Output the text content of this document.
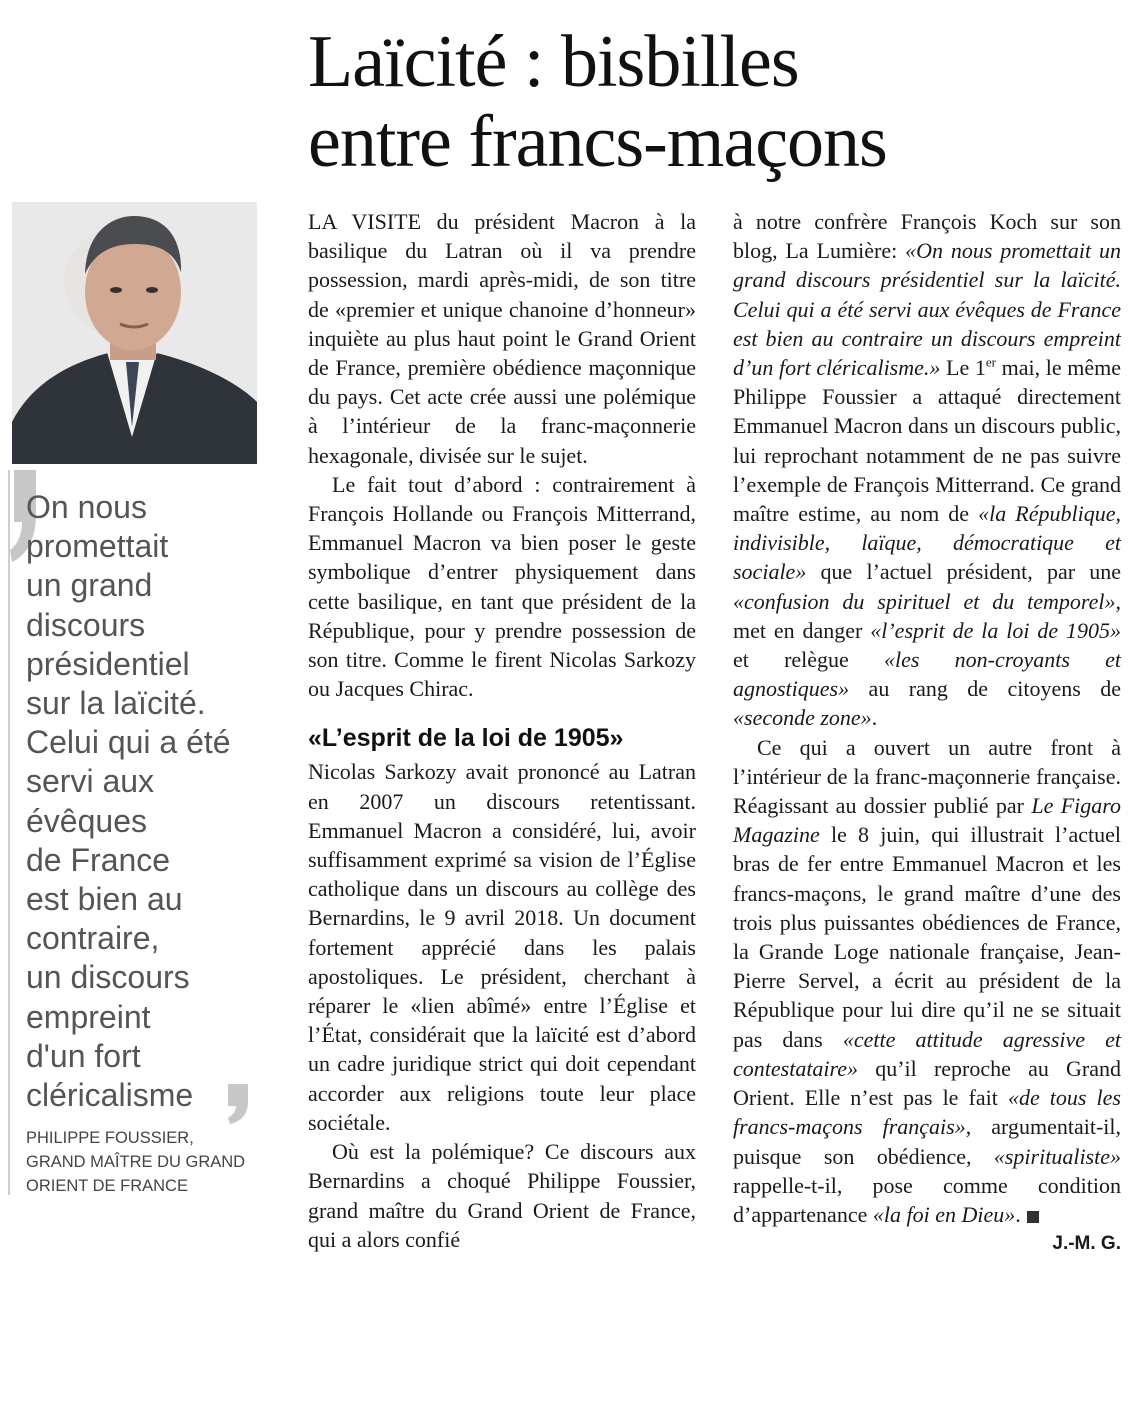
Laïcité : bisbilles
entre francs-maçons
On nous
promettait
un grand
discours
présidentiel
sur la laïcité.
Celui qui a été
servi aux
évêques
de France
est bien au
contraire,
un discours
empreint
d'un fort
cléricalisme
PHILIPPE FOUSSIER,
GRAND MAÎTRE DU GRAND
ORIENT DE FRANCE

LA VISITE du président Macron à la basilique du Latran où il va prendre possession, mardi après-midi, de son titre de «premier et unique chanoine d’honneur» inquiète au plus haut point le Grand Orient de France, première obédience maçonnique du pays. Cet acte crée aussi une polémique à l’intérieur de la franc-maçonnerie hexagonale, divisée sur le sujet.

Le fait tout d’abord : contrairement à François Hollande ou François Mitterrand, Emmanuel Macron va bien poser le geste symbolique d’entrer physiquement dans cette basilique, en tant que président de la République, pour y prendre possession de son titre. Comme le firent Nicolas Sarkozy ou Jacques Chirac.

«L’esprit de la loi de 1905»

Nicolas Sarkozy avait prononcé au Latran en 2007 un discours retentissant. Emmanuel Macron a considéré, lui, avoir suffisamment exprimé sa vision de l’Église catholique dans un discours au collège des Bernardins, le 9 avril 2018. Un document fortement apprécié dans les palais apostoliques. Le président, cherchant à réparer le «lien abîmé» entre l’Église et l’État, considérait que la laïcité est d’abord un cadre juridique strict qui doit cependant accorder aux religions toute leur place sociétale.

Où est la polémique? Ce discours aux Bernardins a choqué Philippe Foussier, grand maître du Grand Orient de France, qui a alors confié

à notre confrère François Koch sur son blog, La Lumière: «On nous promettait un grand discours présidentiel sur la laïcité. Celui qui a été servi aux évêques de France est bien au contraire un discours empreint d’un fort cléricalisme.» Le 1er mai, le même Philippe Foussier a attaqué directement Emmanuel Macron dans un discours public, lui reprochant notamment de ne pas suivre l’exemple de François Mitterrand. Ce grand maître estime, au nom de «la République, indivisible, laïque, démocratique et sociale» que l’actuel président, par une «confusion du spirituel et du temporel», met en danger «l’esprit de la loi de 1905» et relègue «les non-croyants et agnostiques» au rang de citoyens de «seconde zone».

Ce qui a ouvert un autre front à l’intérieur de la franc-maçonnerie française. Réagissant au dossier publié par Le Figaro Magazine le 8 juin, qui illustrait l’actuel bras de fer entre Emmanuel Macron et les francs-maçons, le grand maître d’une des trois plus puissantes obédiences de France, la Grande Loge nationale française, Jean-Pierre Servel, a écrit au président de la République pour lui dire qu’il ne se situait pas dans «cette attitude agressive et contestataire» qu’il reproche au Grand Orient. Elle n’est pas le fait «de tous les francs-maçons français», argumentait-il, puisque son obédience, «spiritualiste» rappelle-t-il, pose comme condition d’appartenance «la foi en Dieu».
J.-M. G.
